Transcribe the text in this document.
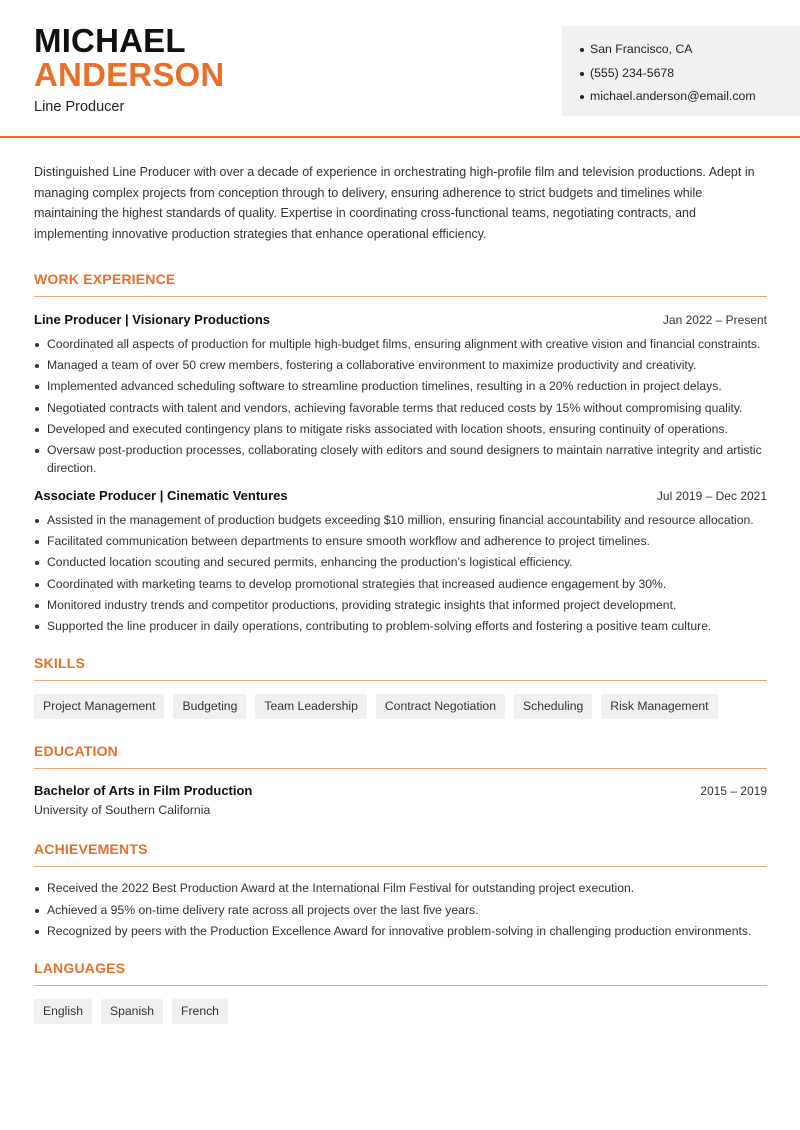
MICHAEL
ANDERSON
Line Producer
San Francisco, CA
(555) 234-5678
michael.anderson@email.com

Distinguished Line Producer with over a decade of experience in orchestrating high-profile film and television productions. Adept in managing complex projects from conception through to delivery, ensuring adherence to strict budgets and timelines while maintaining the highest standards of quality. Expertise in coordinating cross-functional teams, negotiating contracts, and implementing innovative production strategies that enhance operational efficiency.

WORK EXPERIENCE
Line Producer | Visionary Productions	Jan 2022 – Present
Coordinated all aspects of production for multiple high-budget films, ensuring alignment with creative vision and financial constraints.
Managed a team of over 50 crew members, fostering a collaborative environment to maximize productivity and creativity.
Implemented advanced scheduling software to streamline production timelines, resulting in a 20% reduction in project delays.
Negotiated contracts with talent and vendors, achieving favorable terms that reduced costs by 15% without compromising quality.
Developed and executed contingency plans to mitigate risks associated with location shoots, ensuring continuity of operations.
Oversaw post-production processes, collaborating closely with editors and sound designers to maintain narrative integrity and artistic direction.
Associate Producer | Cinematic Ventures	Jul 2019 – Dec 2021
Assisted in the management of production budgets exceeding $10 million, ensuring financial accountability and resource allocation.
Facilitated communication between departments to ensure smooth workflow and adherence to project timelines.
Conducted location scouting and secured permits, enhancing the production's logistical efficiency.
Coordinated with marketing teams to develop promotional strategies that increased audience engagement by 30%.
Monitored industry trends and competitor productions, providing strategic insights that informed project development.
Supported the line producer in daily operations, contributing to problem-solving efforts and fostering a positive team culture.
SKILLS
Project Management	Budgeting	Team Leadership	Contract Negotiation	Scheduling	Risk Management
EDUCATION
Bachelor of Arts in Film Production	2015 – 2019
University of Southern California
ACHIEVEMENTS
Received the 2022 Best Production Award at the International Film Festival for outstanding project execution.
Achieved a 95% on-time delivery rate across all projects over the last five years.
Recognized by peers with the Production Excellence Award for innovative problem-solving in challenging production environments.
LANGUAGES
English	Spanish	French
